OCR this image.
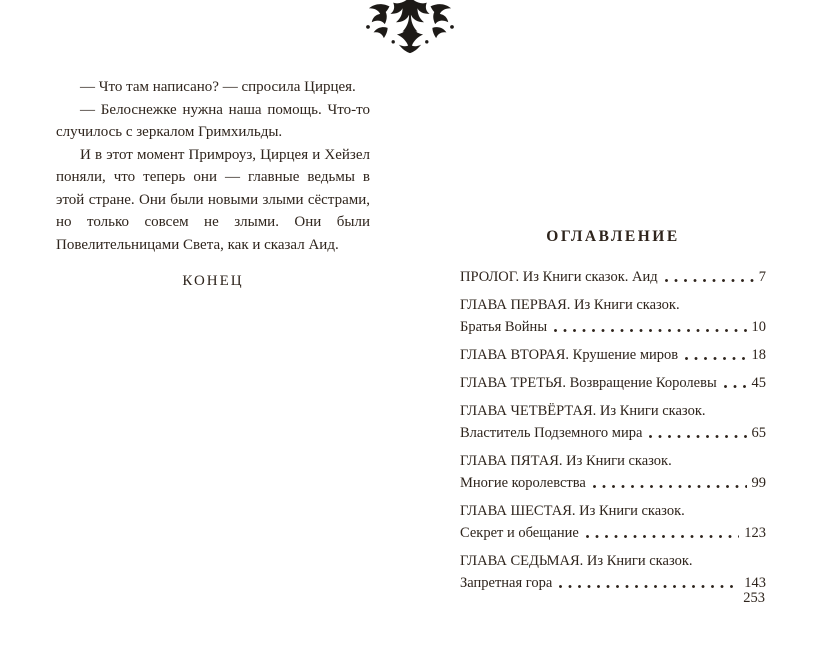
— Что там написано? — спросила Цирцея.

— Белоснежке нужна наша помощь. Что-то случилось с зеркалом Гримхильды.

И в этот момент Примроуз, Цирцея и Хейзел поняли, что теперь они — главные ведьмы в этой стране. Они были новыми злыми сёстрами, но только совсем не злыми. Они были Повелительницами Света, как и сказал Аид.

КОНЕЦ
ОГЛАВЛЕНИЕ
ПРОЛОГ. Из Книги сказок. Аид	7
ГЛАВА ПЕРВАЯ. Из Книги сказок.
Братья Войны	10
ГЛАВА ВТОРАЯ. Крушение миров	18
ГЛАВА ТРЕТЬЯ. Возвращение Королевы 45
ГЛАВА ЧЕТВЁРТАЯ. Из Книги сказок.
Властитель Подземного мира	65
ГЛАВА ПЯТАЯ. Из Книги сказок.
Многие королевства	99
ГЛАВА ШЕСТАЯ. Из Книги сказок.
Секрет и обещание	123
ГЛАВА СЕДЬМАЯ. Из Книги сказок.
Запретная гора	143
253
